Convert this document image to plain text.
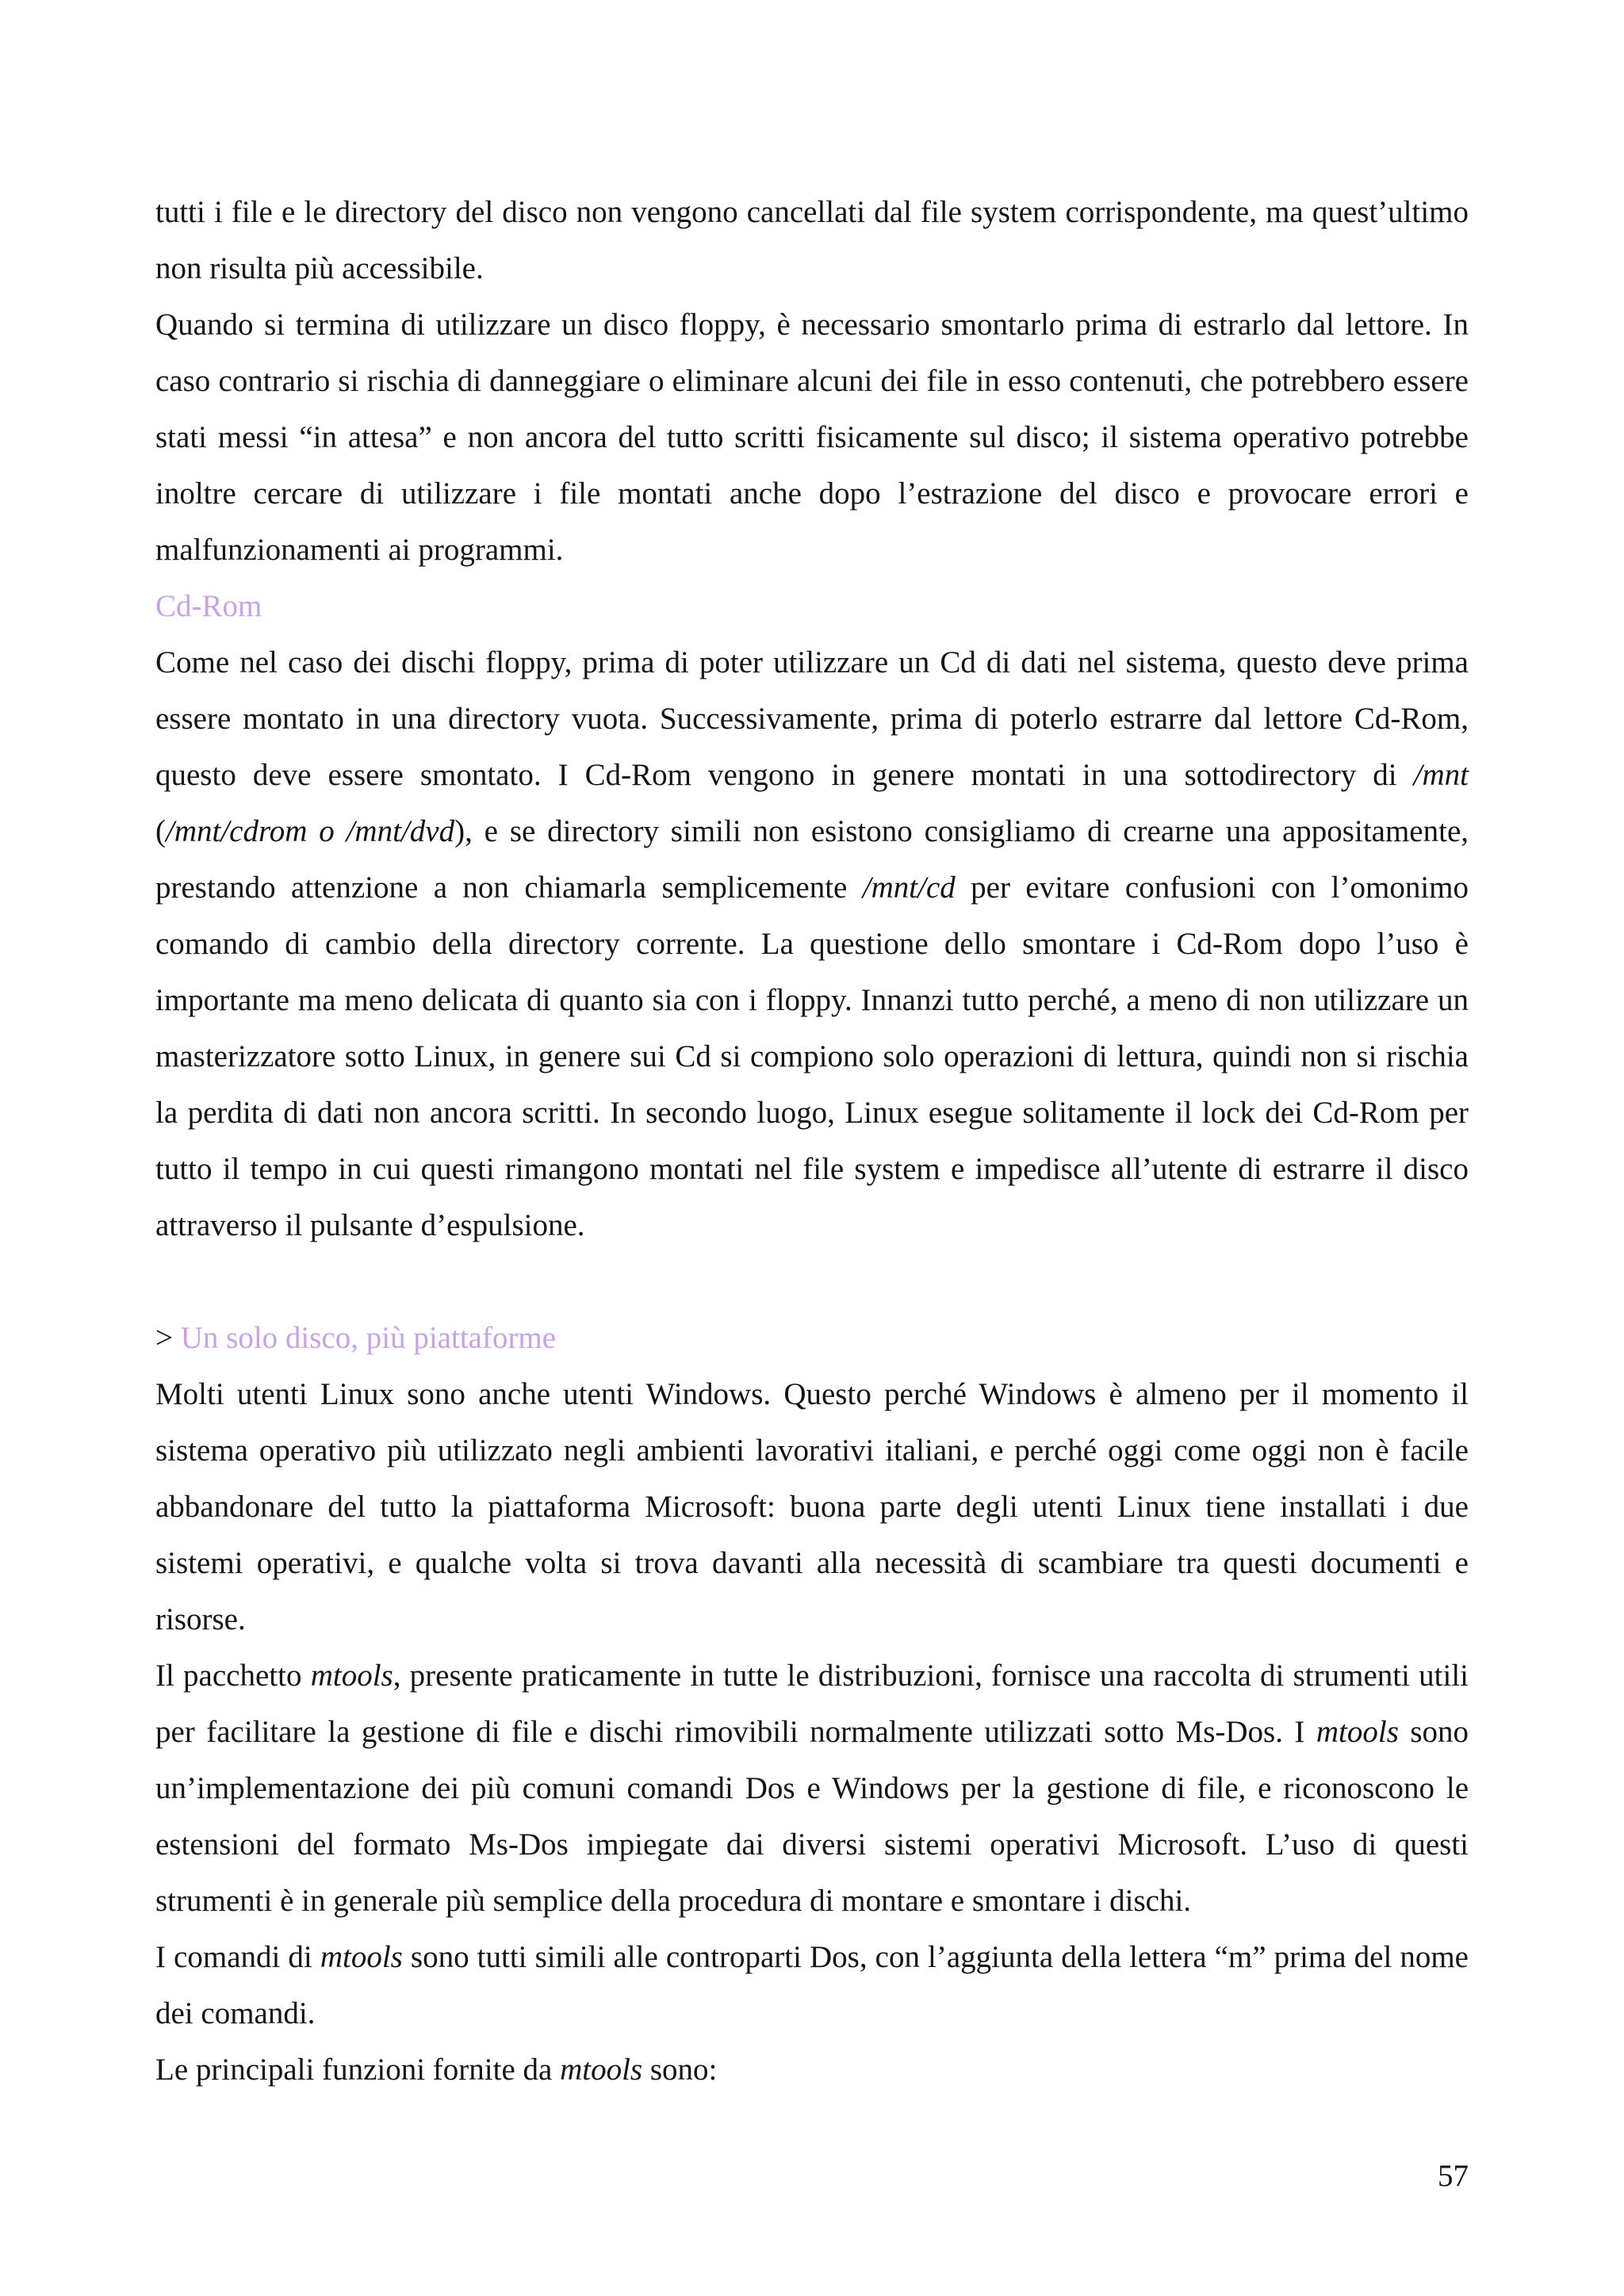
tutti i file e le directory del disco non vengono cancellati dal file system corrispondente, ma quest’ultimo non risulta più accessibile.

Quando si termina di utilizzare un disco floppy, è necessario smontarlo prima di estrarlo dal lettore. In caso contrario si rischia di danneggiare o eliminare alcuni dei file in esso contenuti, che potrebbero essere stati messi “in attesa” e non ancora del tutto scritti fisicamente sul disco; il sistema operativo potrebbe inoltre cercare di utilizzare i file montati anche dopo l’estrazione del disco e provocare errori e malfunzionamenti ai programmi.

Cd-Rom

Come nel caso dei dischi floppy, prima di poter utilizzare un Cd di dati nel sistema, questo deve prima essere montato in una directory vuota. Successivamente, prima di poterlo estrarre dal lettore Cd-Rom, questo deve essere smontato. I Cd-Rom vengono in genere montati in una sottodirectory di /mnt (/mnt/cdrom o /mnt/dvd), e se directory simili non esistono consigliamo di crearne una appositamente, prestando attenzione a non chiamarla semplicemente /mnt/cd per evitare confusioni con l’omonimo comando di cambio della directory corrente. La questione dello smontare i Cd-Rom dopo l’uso è importante ma meno delicata di quanto sia con i floppy. Innanzi tutto perché, a meno di non utilizzare un masterizzatore sotto Linux, in genere sui Cd si compiono solo operazioni di lettura, quindi non si rischia la perdita di dati non ancora scritti. In secondo luogo, Linux esegue solitamente il lock dei Cd-Rom per tutto il tempo in cui questi rimangono montati nel file system e impedisce all’utente di estrarre il disco attraverso il pulsante d’espulsione.

> Un solo disco, più piattaforme

Molti utenti Linux sono anche utenti Windows. Questo perché Windows è almeno per il momento il sistema operativo più utilizzato negli ambienti lavorativi italiani, e perché oggi come oggi non è facile abbandonare del tutto la piattaforma Microsoft: buona parte degli utenti Linux tiene installati i due sistemi operativi, e qualche volta si trova davanti alla necessità di scambiare tra questi documenti e risorse.

Il pacchetto mtools, presente praticamente in tutte le distribuzioni, fornisce una raccolta di strumenti utili per facilitare la gestione di file e dischi rimovibili normalmente utilizzati sotto Ms-Dos. I mtools sono un’implementazione dei più comuni comandi Dos e Windows per la gestione di file, e riconoscono le estensioni del formato Ms-Dos impiegate dai diversi sistemi operativi Microsoft. L’uso di questi strumenti è in generale più semplice della procedura di montare e smontare i dischi.

I comandi di mtools sono tutti simili alle controparti Dos, con l’aggiunta della lettera “m” prima del nome dei comandi.

Le principali funzioni fornite da mtools sono:

57
